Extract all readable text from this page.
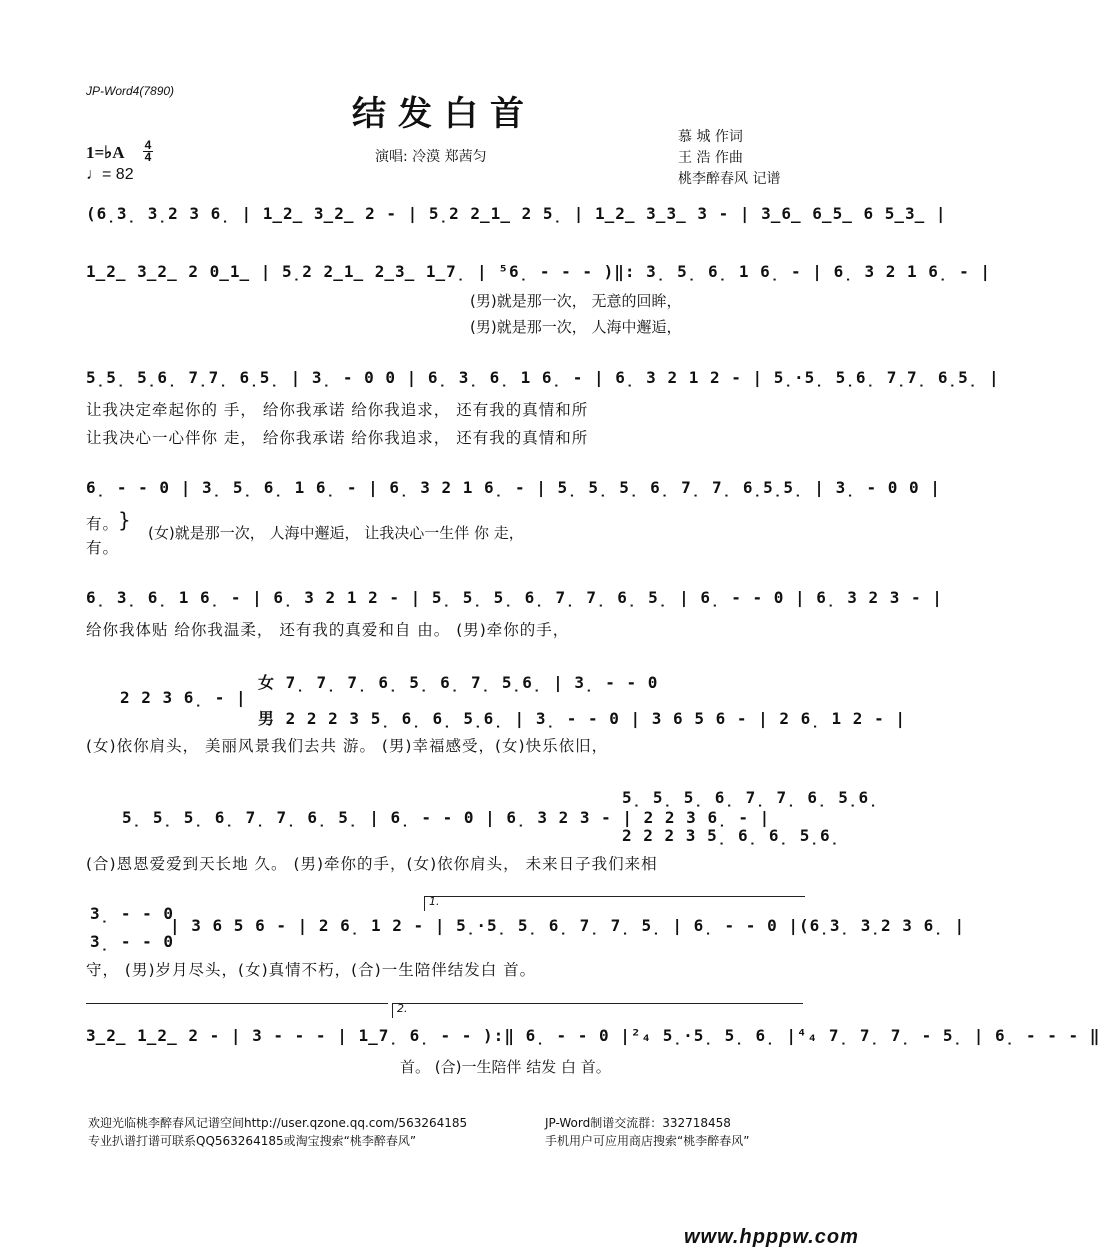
JP-Word4(7890)
结发白首
1=♭A 4
4
♩= 82
演唱: 冷漠 郑茜匀
慕 城 作词
王 浩 作曲
桃李醉春风 记谱
(6̣3̣ 3̣2 3 6̣ | 1̲2̲ 3̲2̲ 2 - | 5̣2 2̲1̲ 2 5̣ | 1̲2̲ 3̲3̲ 3 - | 3̲6̲ 6̲5̲ 6 5̲3̲ |
1̲2̲ 3̲2̲ 2 0̲1̲ | 5̣2 2̲1̲ 2̲3̲ 1̲7̣ | ⁵6̣ - - - )‖: 3̣ 5̣ 6̣ 1 6̣ - | 6̣ 3 2 1 6̣ - |
(男)就是那一次， 无意的回眸，
(男)就是那一次， 人海中邂逅，
5̣5̣ 5̣6̣ 7̣7̣ 6̣5̣ | 3̣ - 0 0 | 6̣ 3̣ 6̣ 1 6̣ - | 6̣ 3 2 1 2 - | 5̣·5̣ 5̣6̣ 7̣7̣ 6̣5̣ |
让我决定牵起你的 手， 给你我承诺 给你我追求， 还有我的真情和所
让我决心一心伴你 走， 给你我承诺 给你我追求， 还有我的真情和所
6̣ - - 0 | 3̣ 5̣ 6̣ 1 6̣ - | 6̣ 3 2 1 6̣ - | 5̣ 5̣ 5̣ 6̣ 7̣ 7̣ 6̣5̣5̣ | 3̣ - 0 0 |
有。
有。
}
(女)就是那一次， 人海中邂逅， 让我决心一生伴 你 走，
6̣ 3̣ 6̣ 1 6̣ - | 6̣ 3 2 1 2 - | 5̣ 5̣ 5̣ 6̣ 7̣ 7̣ 6̣ 5̣ | 6̣ - - 0 | 6̣ 3 2 3 - |
给你我体贴 给你我温柔， 还有我的真爱和自 由。 (男)牵你的手，
女 7̣ 7̣ 7̣ 6̣ 5̣ 6̣ 7̣ 5̣6̣ | 3̣ - - 0
2 2 3 6̣ - |
男 2 2 2 3 5̣ 6̣ 6̣ 5̣6̣ | 3̣ - - 0 | 3 6 5 6 - | 2 6̣ 1 2 - |
(女)依你肩头， 美丽风景我们去共 游。 (男)幸福感受，(女)快乐依旧，
5̣ 5̣ 5̣ 6̣ 7̣ 7̣ 6̣ 5̣6̣
5̣ 5̣ 5̣ 6̣ 7̣ 7̣ 6̣ 5̣ | 6̣ - - 0 | 6̣ 3 2 3 - | 2 2 3 6̣ - |
2 2 2 3 5̣ 6̣ 6̣ 5̣6̣
(合)恩恩爱爱到天长地 久。 (男)牵你的手，(女)依你肩头， 未来日子我们来相
1.
3̣ - - 0
| 3 6 5 6 - | 2 6̣ 1 2 - | 5̣·5̣ 5̣ 6̣ 7̣ 7̣ 5̣ | 6̣ - - 0 |(6̣3̣ 3̣2 3 6̣ |
3̣ - - 0
守， (男)岁月尽头，(女)真情不朽，(合)一生陪伴结发白 首。
2.
3̲2̲ 1̲2̲ 2 - | 3 - - - | 1̲7̣ 6̣ - - ):‖ 6̣ - - 0 |²₄ 5̣·5̣ 5̣ 6̣ |⁴₄ 7̣ 7̣ 7̣ - 5̣ | 6̣ - - - ‖
首。 (合)一生陪伴 结发 白 首。
欢迎光临桃李醉春风记谱空间http://user.qzone.qq.com/563264185
专业扒谱打谱可联系QQ563264185或淘宝搜索“桃李醉春风”
JP-Word制谱交流群：332718458
手机用户可应用商店搜索“桃李醉春风”
www.hpppw.com
